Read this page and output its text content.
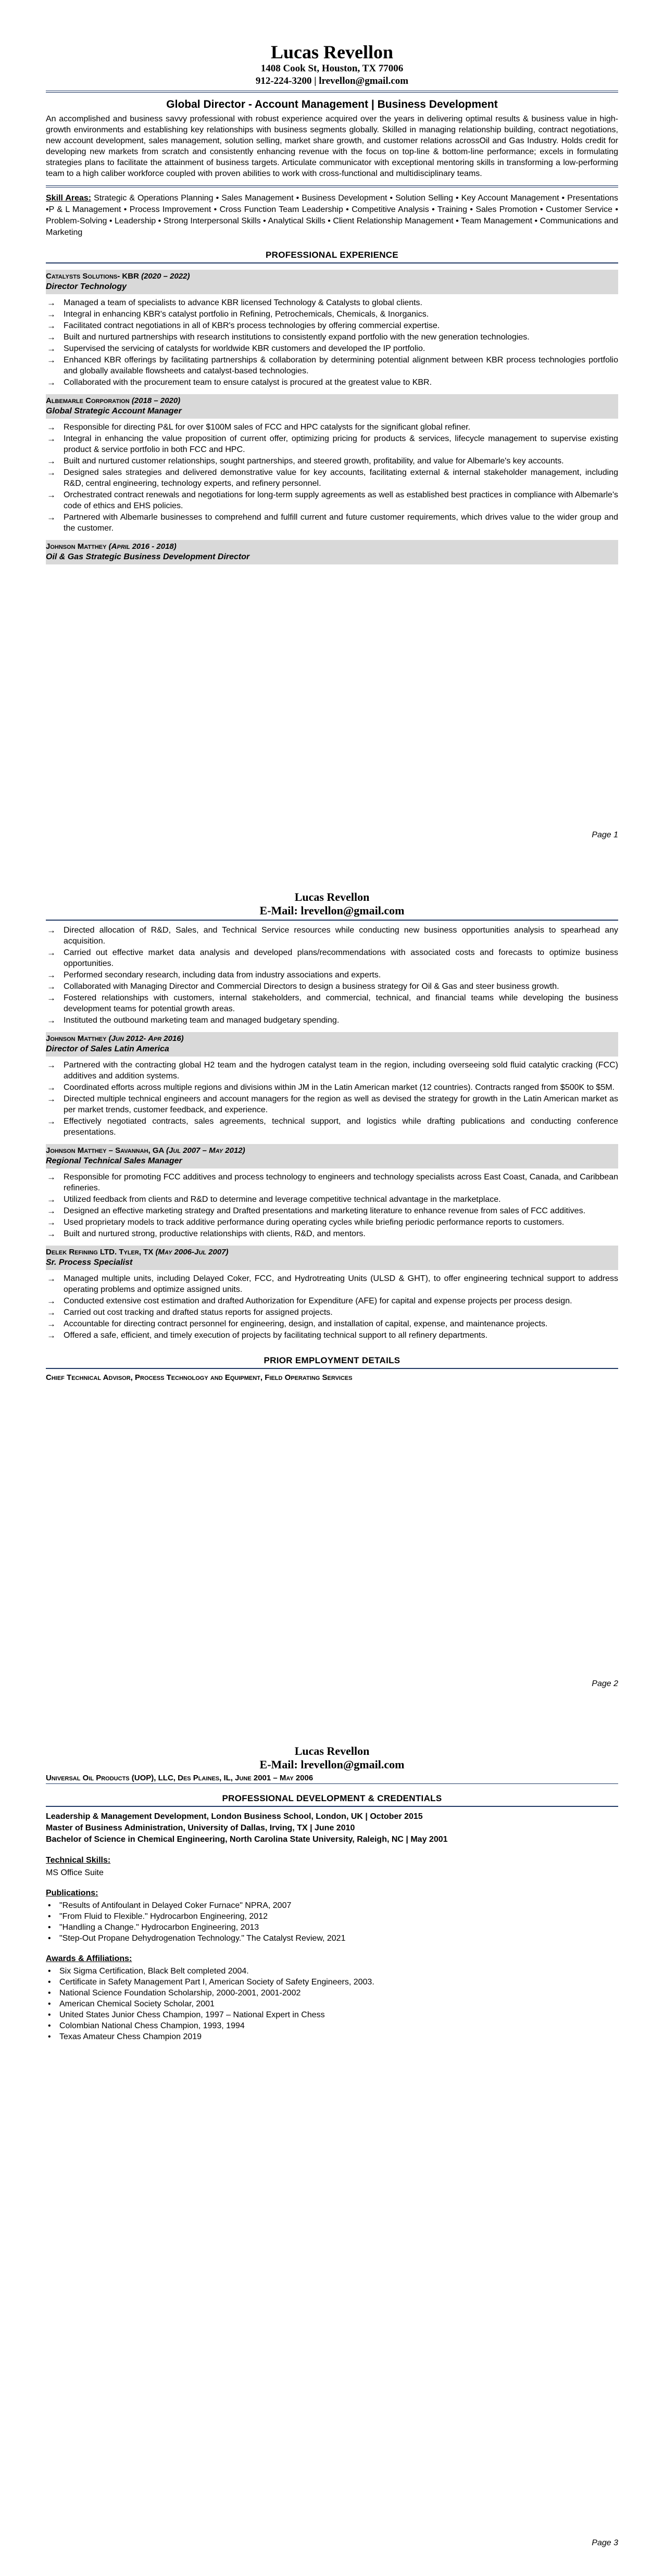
Lucas Revellon

1408 Cook St, Houston, TX 77006

912-224-3200 | lrevellon@gmail.com

Global Director - Account Management | Business Development

An accomplished and business savvy professional with robust experience acquired over the years in delivering optimal results & business value in high-growth environments and establishing key relationships with business segments globally. Skilled in managing relationship building, contract negotiations, new account development, sales management, solution selling, market share growth, and customer relations acrossOil and Gas Industry. Holds credit for developing new markets from scratch and consistently enhancing revenue with the focus on top-line & bottom-line performance; excels in formulating strategies plans to facilitate the attainment of business targets. Articulate communicator with exceptional mentoring skills in transforming a low-performing team to a high caliber workforce coupled with proven abilities to work with cross-functional and multidisciplinary teams.

Skill Areas: Strategic & Operations Planning • Sales Management • Business Development • Solution Selling • Key Account Management • Presentations •P & L Management • Process Improvement • Cross Function Team Leadership • Competitive Analysis • Training • Sales Promotion • Customer Service • Problem-Solving • Leadership • Strong Interpersonal Skills • Analytical Skills • Client Relationship Management • Team Management • Communications and Marketing

PROFESSIONAL EXPERIENCE

Catalysts Solutions- KBR (2020 – 2022)
Director Technology
→ Managed a team of specialists to advance KBR licensed Technology & Catalysts to global clients.
→ Integral in enhancing KBR's catalyst portfolio in Refining, Petrochemicals, Chemicals, & Inorganics.
→ Facilitated contract negotiations in all of KBR's process technologies by offering commercial expertise.
→ Built and nurtured partnerships with research institutions to consistently expand portfolio with the new generation technologies.
→ Supervised the servicing of catalysts for worldwide KBR customers and developed the IP portfolio.
→ Enhanced KBR offerings by facilitating partnerships & collaboration by determining potential alignment between KBR process technologies portfolio and globally available flowsheets and catalyst-based technologies.
→ Collaborated with the procurement team to ensure catalyst is procured at the greatest value to KBR.
Albemarle Corporation (2018 – 2020)
Global Strategic Account Manager
→ Responsible for directing P&L for over $100M sales of FCC and HPC catalysts for the significant global refiner.
→ Integral in enhancing the value proposition of current offer, optimizing pricing for products & services, lifecycle management to supervise existing product & service portfolio in both FCC and HPC.
→ Built and nurtured customer relationships, sought partnerships, and steered growth, profitability, and value for Albemarle's key accounts.
→ Designed sales strategies and delivered demonstrative value for key accounts, facilitating external & internal stakeholder management, including R&D, central engineering, technology experts, and refinery personnel.
→ Orchestrated contract renewals and negotiations for long-term supply agreements as well as established best practices in compliance with Albemarle's code of ethics and EHS policies.
→ Partnered with Albemarle businesses to comprehend and fulfill current and future customer requirements, which drives value to the wider group and the customer.
Johnson Matthey (April 2016 - 2018)
Oil & Gas Strategic Business Development Director
Page 1

Lucas Revellon

E-Mail: lrevellon@gmail.com

→ Directed allocation of R&D, Sales, and Technical Service resources while conducting new business opportunities analysis to spearhead any acquisition.
→ Carried out effective market data analysis and developed plans/recommendations with associated costs and forecasts to optimize business opportunities.
→ Performed secondary research, including data from industry associations and experts.
→ Collaborated with Managing Director and Commercial Directors to design a business strategy for Oil & Gas and steer business growth.
→ Fostered relationships with customers, internal stakeholders, and commercial, technical, and financial teams while developing the business development teams for potential growth areas.
→ Instituted the outbound marketing team and managed budgetary spending.
Johnson Matthey (Jun 2012- Apr 2016)
Director of Sales Latin America
→ Partnered with the contracting global H2 team and the hydrogen catalyst team in the region, including overseeing sold fluid catalytic cracking (FCC) additives and addition systems.
→ Coordinated efforts across multiple regions and divisions within JM in the Latin American market (12 countries). Contracts ranged from $500K to $5M.
→ Directed multiple technical engineers and account managers for the region as well as devised the strategy for growth in the Latin American market as per market trends, customer feedback, and experience.
→ Effectively negotiated contracts, sales agreements, technical support, and logistics while drafting publications and conducting conference presentations.
Johnson Matthey – Savannah, GA (Jul 2007 – May 2012)
Regional Technical Sales Manager
→ Responsible for promoting FCC additives and process technology to engineers and technology specialists across East Coast, Canada, and Caribbean refineries.
→ Utilized feedback from clients and R&D to determine and leverage competitive technical advantage in the marketplace.
→ Designed an effective marketing strategy and Drafted presentations and marketing literature to enhance revenue from sales of FCC additives.
→ Used proprietary models to track additive performance during operating cycles while briefing periodic performance reports to customers.
→ Built and nurtured strong, productive relationships with clients, R&D, and mentors.
Delek Refining LTD. Tyler, TX (May 2006-Jul 2007)
Sr. Process Specialist
→ Managed multiple units, including Delayed Coker, FCC, and Hydrotreating Units (ULSD & GHT), to offer engineering technical support to address operating problems and optimize assigned units.
→ Conducted extensive cost estimation and drafted Authorization for Expenditure (AFE) for capital and expense projects per process design.
→ Carried out cost tracking and drafted status reports for assigned projects.
→ Accountable for directing contract personnel for engineering, design, and installation of capital, expense, and maintenance projects.
→ Offered a safe, efficient, and timely execution of projects by facilitating technical support to all refinery departments.

PRIOR EMPLOYMENT DETAILS

Chief Technical Advisor, Process Technology and Equipment, Field Operating Services
Page 2

Lucas Revellon

E-Mail: lrevellon@gmail.com

Universal Oil Products (UOP), LLC, Des Plaines, IL, June 2001 – May 2006

PROFESSIONAL DEVELOPMENT & CREDENTIALS

Leadership & Management Development, London Business School, London, UK | October 2015

Master of Business Administration, University of Dallas, Irving, TX | June 2010

Bachelor of Science in Chemical Engineering, North Carolina State University, Raleigh, NC | May 2001

Technical Skills:

MS Office Suite

Publications:

• "Results of Antifoulant in Delayed Coker Furnace" NPRA, 2007
• "From Fluid to Flexible." Hydrocarbon Engineering, 2012
• "Handling a Change." Hydrocarbon Engineering, 2013
• "Step-Out Propane Dehydrogenation Technology." The Catalyst Review, 2021

Awards & Affiliations:

• Six Sigma Certification, Black Belt completed 2004.
• Certificate in Safety Management Part I, American Society of Safety Engineers, 2003.
• National Science Foundation Scholarship, 2000-2001, 2001-2002
• American Chemical Society Scholar, 2001
• United States Junior Chess Champion, 1997 – National Expert in Chess
• Colombian National Chess Champion, 1993, 1994
• Texas Amateur Chess Champion 2019
Page 3
